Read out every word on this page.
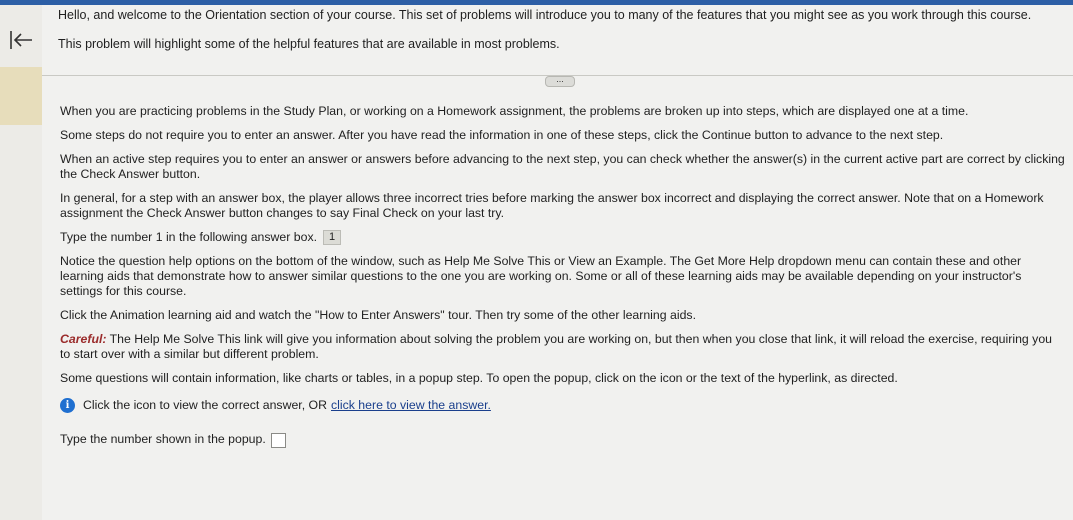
Hello, and welcome to the Orientation section of your course. This set of problems will introduce you to many of the features that you might see as you work through this course.

This problem will highlight some of the helpful features that are available in most problems.

...

When you are practicing problems in the Study Plan, or working on a Homework assignment, the problems are broken up into steps, which are displayed one at a time.

Some steps do not require you to enter an answer. After you have read the information in one of these steps, click the Continue button to advance to the next step.

When an active step requires you to enter an answer or answers before advancing to the next step, you can check whether the answer(s) in the current active part are correct by clicking the Check Answer button.

In general, for a step with an answer box, the player allows three incorrect tries before marking the answer box incorrect and displaying the correct answer. Note that on a Homework assignment the Check Answer button changes to say Final Check on your last try.

Type the number 1 in the following answer box. 1

Notice the question help options on the bottom of the window, such as Help Me Solve This or View an Example. The Get More Help dropdown menu can contain these and other learning aids that demonstrate how to answer similar questions to the one you are working on. Some or all of these learning aids may be available depending on your instructor's settings for this course.

Click the Animation learning aid and watch the "How to Enter Answers" tour. Then try some of the other learning aids.

Careful: The Help Me Solve This link will give you information about solving the problem you are working on, but then when you close that link, it will reload the exercise, requiring you to start over with a similar but different problem.

Some questions will contain information, like charts or tables, in a popup step. To open the popup, click on the icon or the text of the hyperlink, as directed.

i	Click the icon to view the correct answer, OR click here to view the answer.

Type the number shown in the popup.
